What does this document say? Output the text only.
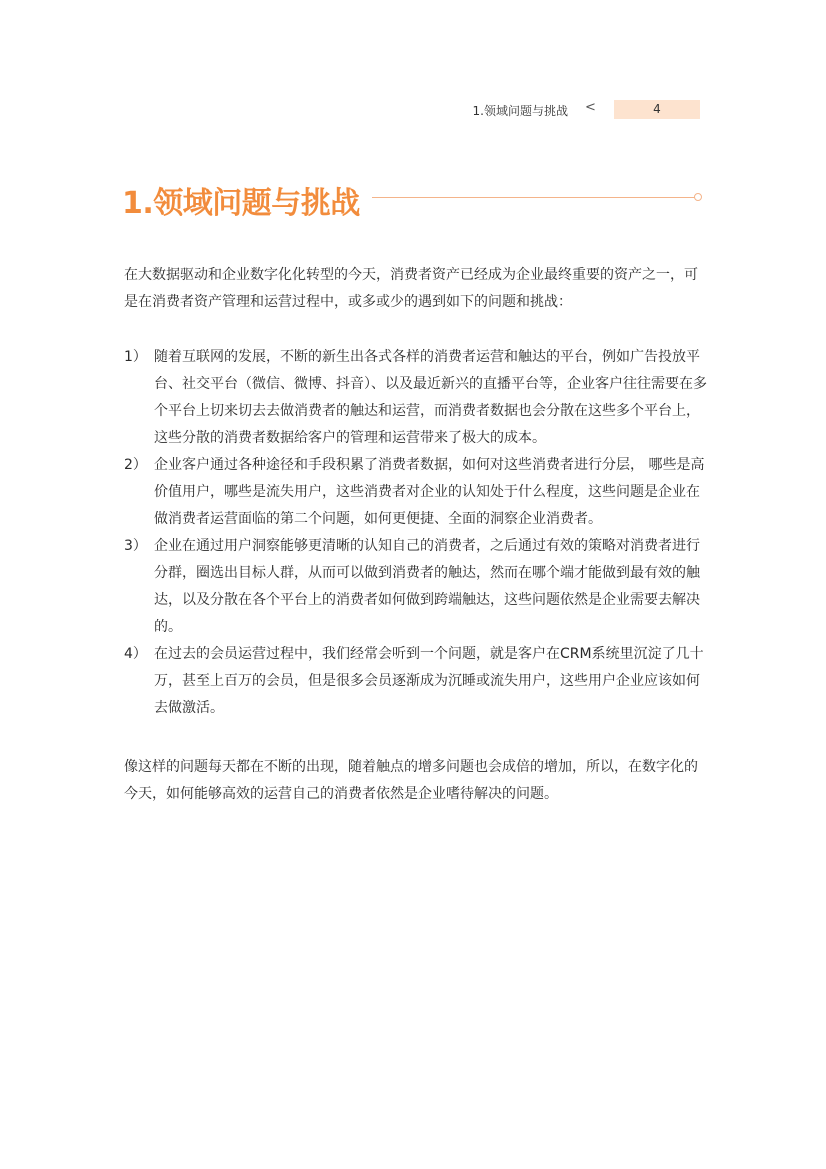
1.领域问题与挑战 <	4
1.领域问题与挑战
在大数据驱动和企业数字化化转型的今天，消费者资产已经成为企业最终重要的资产之一，可是在消费者资产管理和运营过程中，或多或少的遇到如下的问题和挑战：
1） 随着互联网的发展，不断的新生出各式各样的消费者运营和触达的平台，例如广告投放平台、社交平台（微信、微博、抖音）、以及最近新兴的直播平台等，企业客户往往需要在多个平台上切来切去去做消费者的触达和运营，而消费者数据也会分散在这些多个平台上，这些分散的消费者数据给客户的管理和运营带来了极大的成本。
2） 企业客户通过各种途径和手段积累了消费者数据，如何对这些消费者进行分层， 哪些是高价值用户，哪些是流失用户，这些消费者对企业的认知处于什么程度，这些问题是企业在做消费者运营面临的第二个问题，如何更便捷、全面的洞察企业消费者。
3） 企业在通过用户洞察能够更清晰的认知自己的消费者，之后通过有效的策略对消费者进行分群，圈选出目标人群，从而可以做到消费者的触达，然而在哪个端才能做到最有效的触达，以及分散在各个平台上的消费者如何做到跨端触达，这些问题依然是企业需要去解决的。
4） 在过去的会员运营过程中，我们经常会听到一个问题，就是客户在CRM系统里沉淀了几十万，甚至上百万的会员，但是很多会员逐渐成为沉睡或流失用户，这些用户企业应该如何去做激活。
像这样的问题每天都在不断的出现，随着触点的增多问题也会成倍的增加，所以，在数字化的今天，如何能够高效的运营自己的消费者依然是企业嗜待解决的问题。
